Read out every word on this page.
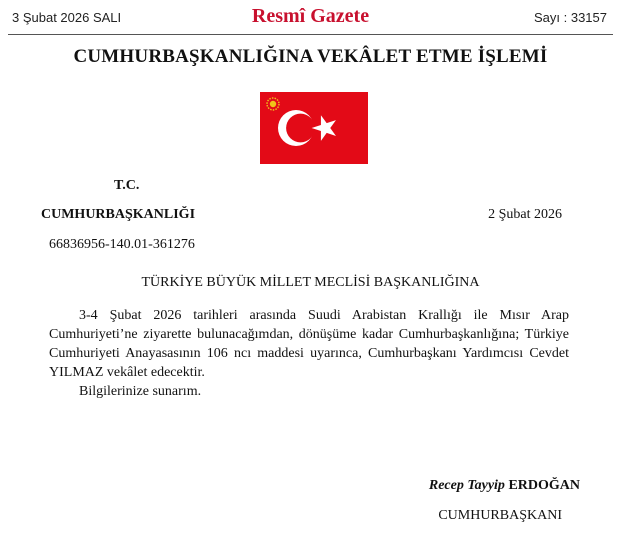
3 Şubat 2026 SALI	Resmî Gazete	Sayı : 33157
CUMHURBAŞKANLIĞINA VEKÂLET ETME İŞLEMİ
T.C.
CUMHURBAŞKANLIĞI	2 Şubat 2026
66836956-140.01-361276
TÜRKİYE BÜYÜK MİLLET MECLİSİ BAŞKANLIĞINA

3-4 Şubat 2026 tarihleri arasında Suudi Arabistan Krallığı ile Mısır Arap Cumhuriyeti’ne ziyarette bulunacağımdan, dönüşüme kadar Cumhurbaşkanlığına; Türkiye Cumhuriyeti Anayasasının 106 ncı maddesi uyarınca, Cumhurbaşkanı Yardımcısı Cevdet YILMAZ vekâlet edecektir.

Bilgilerinize sunarım.

Recep Tayyip ERDOĞAN
CUMHURBAŞKANI
